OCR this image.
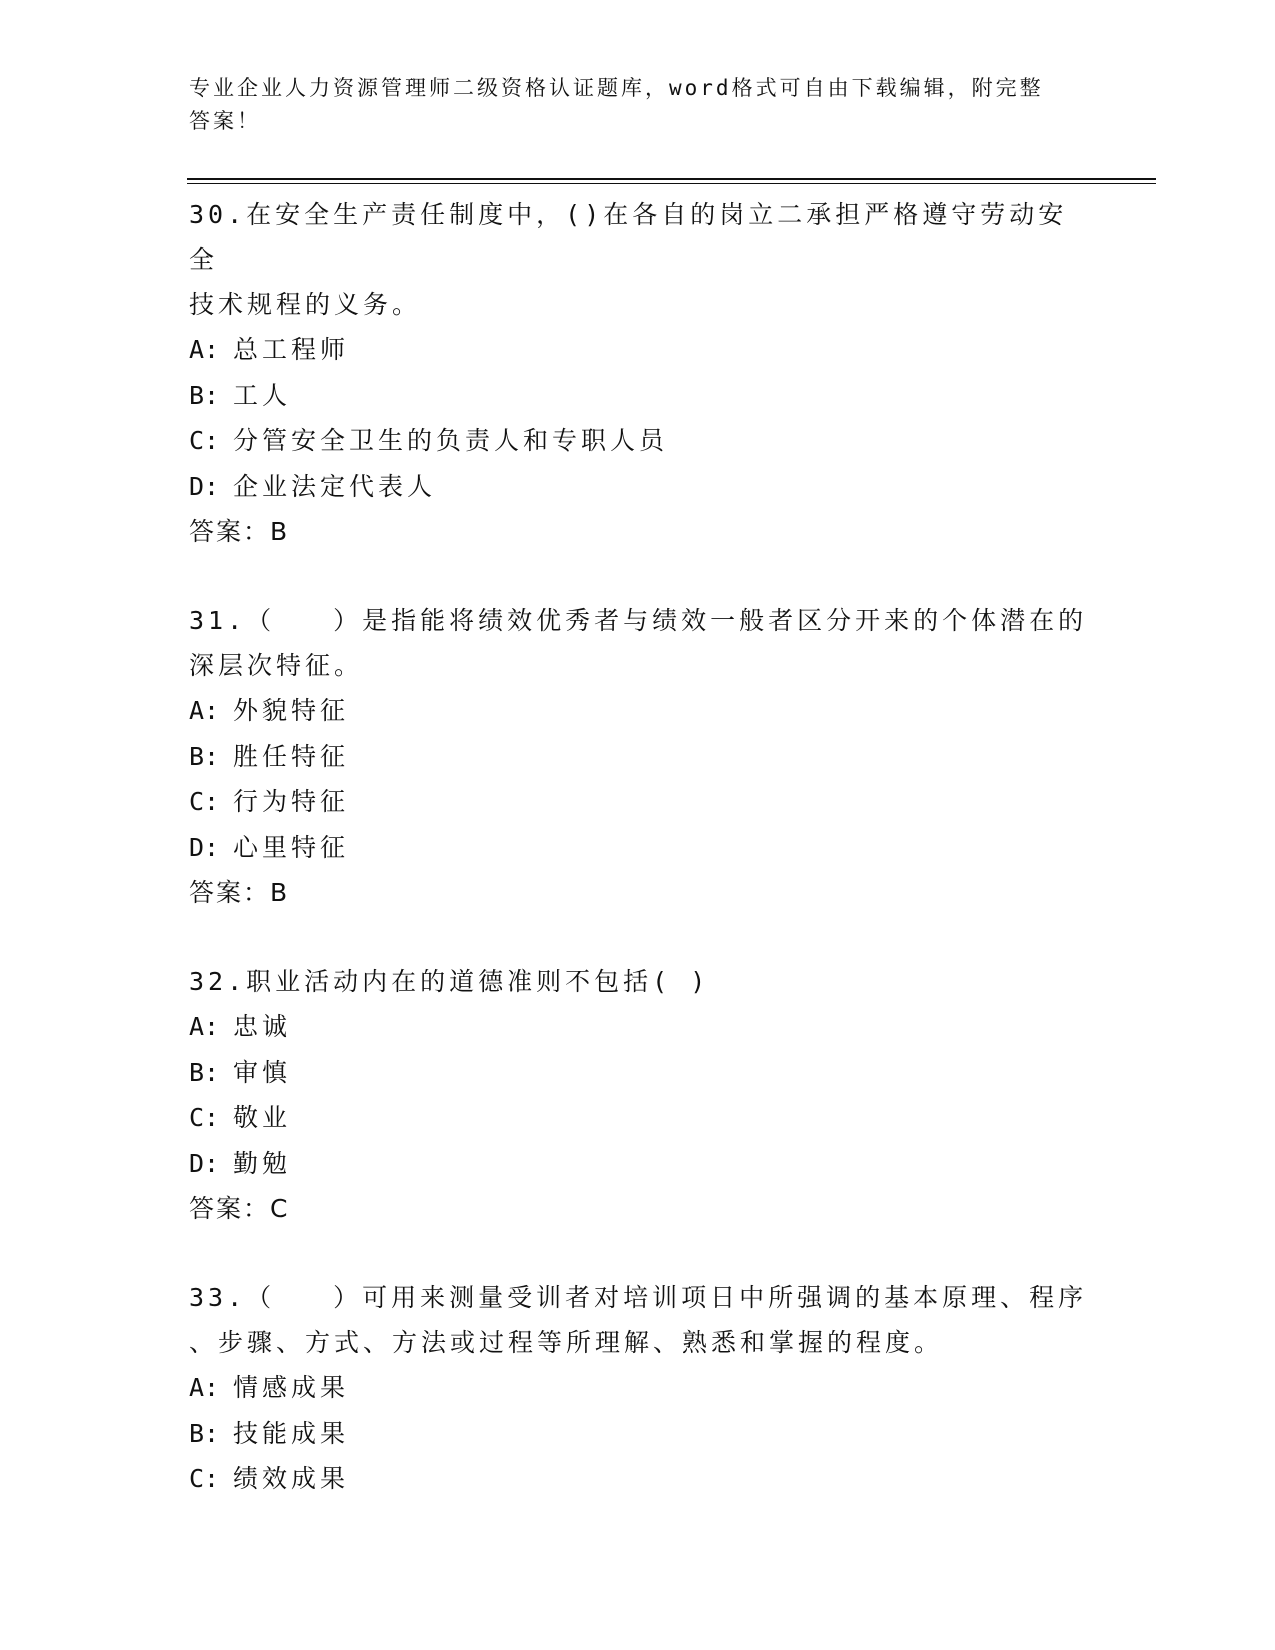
专业企业人力资源管理师二级资格认证题库，word格式可自由下载编辑，附完整
答案！

30.在安全生产责任制度中，()在各自的岗立二承担严格遵守劳动安全

技术规程的义务。

A: 总工程师

B: 工人

C: 分管安全卫生的负责人和专职人员

D: 企业法定代表人

答案：B

31.（　　）是指能将绩效优秀者与绩效一般者区分开来的个体潜在的

深层次特征。

A: 外貌特征

B: 胜任特征

C: 行为特征

D: 心里特征

答案：B

32.职业活动内在的道德准则不包括( )

A: 忠诚

B: 审慎

C: 敬业

D: 勤勉

答案：C

33.（　　）可用来测量受训者对培训项日中所强调的基本原理、程序

、步骤、方式、方法或过程等所理解、熟悉和掌握的程度。

A: 情感成果

B: 技能成果

C: 绩效成果
